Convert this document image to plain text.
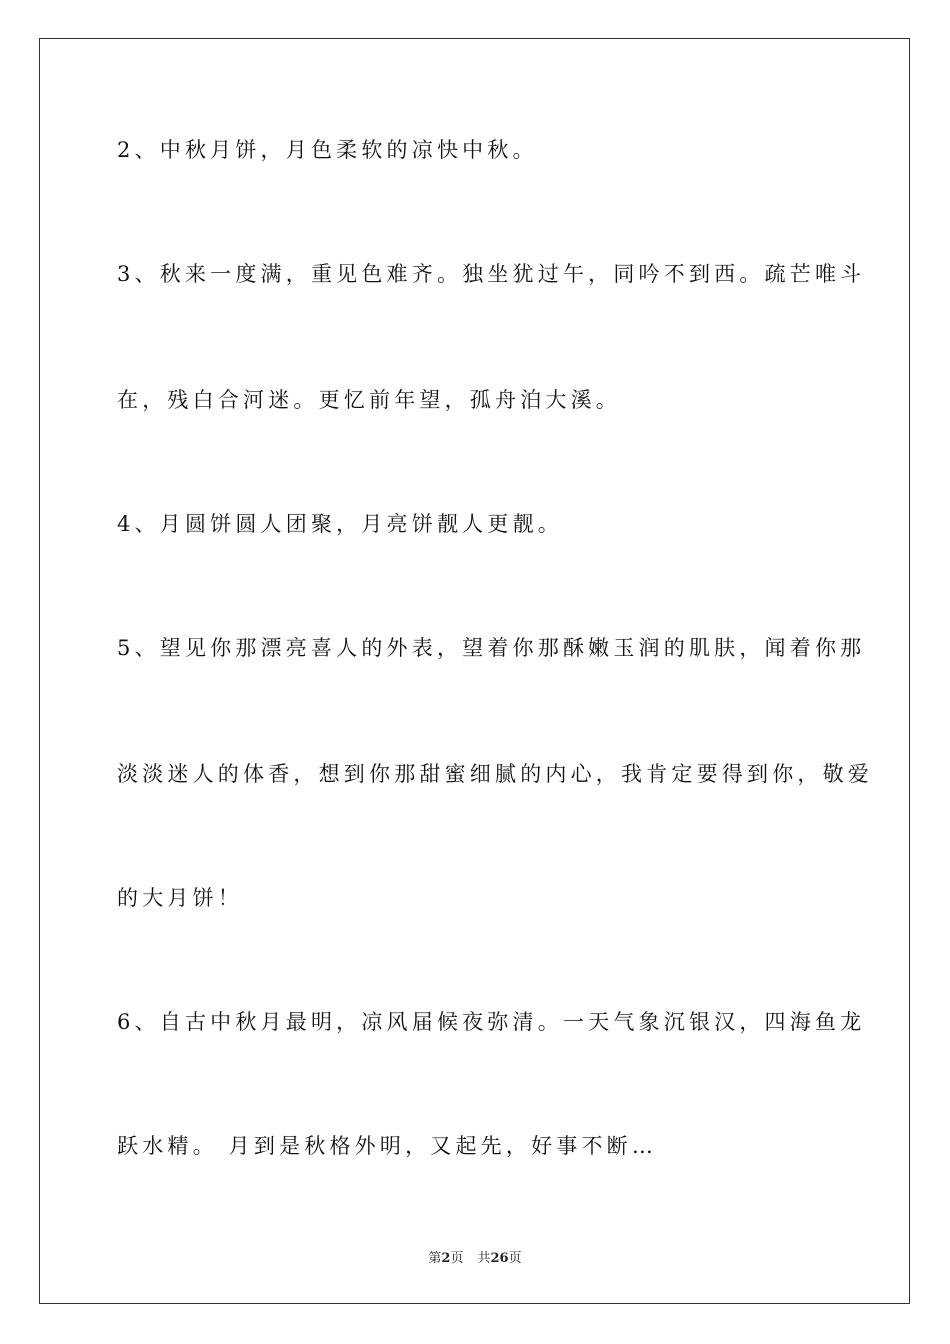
2、中秋月饼，月色柔软的凉快中秋。
3、秋来一度满，重见色难齐。独坐犹过午，同吟不到西。疏芒唯斗
在，残白合河迷。更忆前年望，孤舟泊大溪。
4、月圆饼圆人团聚，月亮饼靓人更靓。
5、望见你那漂亮喜人的外表，望着你那酥嫩玉润的肌肤，闻着你那
淡淡迷人的体香，想到你那甜蜜细腻的内心，我肯定要得到你，敬爱
的大月饼！
6、自古中秋月最明，凉风届候夜弥清。一天气象沉银汉，四海鱼龙
跃水精。 月到是秋格外明，又起先，好事不断…
第2页 共26页
